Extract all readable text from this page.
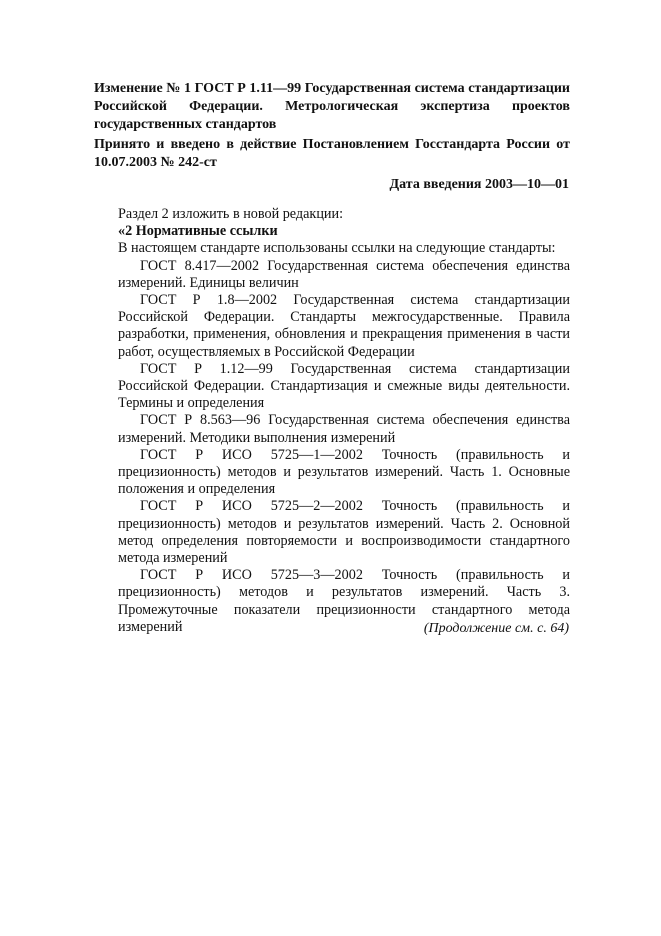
Изменение № 1 ГОСТ Р 1.11—99 Государственная система стандартизации Российской Федерации. Метрологическая экспертиза проектов государственных стандартов
Принято и введено в действие Постановлением Госстандарта России от 10.07.2003 № 242-ст
Дата введения 2003—10—01

Раздел 2 изложить в новой редакции:

«2 Нормативные ссылки

В настоящем стандарте использованы ссылки на следующие стандарты:

ГОСТ 8.417—2002 Государственная система обеспечения единства измерений. Единицы величин

ГОСТ Р 1.8—2002 Государственная система стандартизации Российской Федерации. Стандарты межгосударственные. Правила разработки, применения, обновления и прекращения применения в части работ, осуществляемых в Российской Федерации

ГОСТ Р 1.12—99 Государственная система стандартизации Российской Федерации. Стандартизация и смежные виды деятельности. Термины и определения

ГОСТ Р 8.563—96 Государственная система обеспечения единства измерений. Методики выполнения измерений

ГОСТ Р ИСО 5725—1—2002 Точность (правильность и прецизионность) методов и результатов измерений. Часть 1. Основные положения и определения

ГОСТ Р ИСО 5725—2—2002 Точность (правильность и прецизионность) методов и результатов измерений. Часть 2. Основной метод определения повторяемости и воспроизводимости стандартного метода измерений

ГОСТ Р ИСО 5725—3—2002 Точность (правильность и прецизионность) методов и результатов измерений. Часть 3. Промежуточные показатели прецизионности стандартного метода измерений	(Продолжение см. с. 64)
